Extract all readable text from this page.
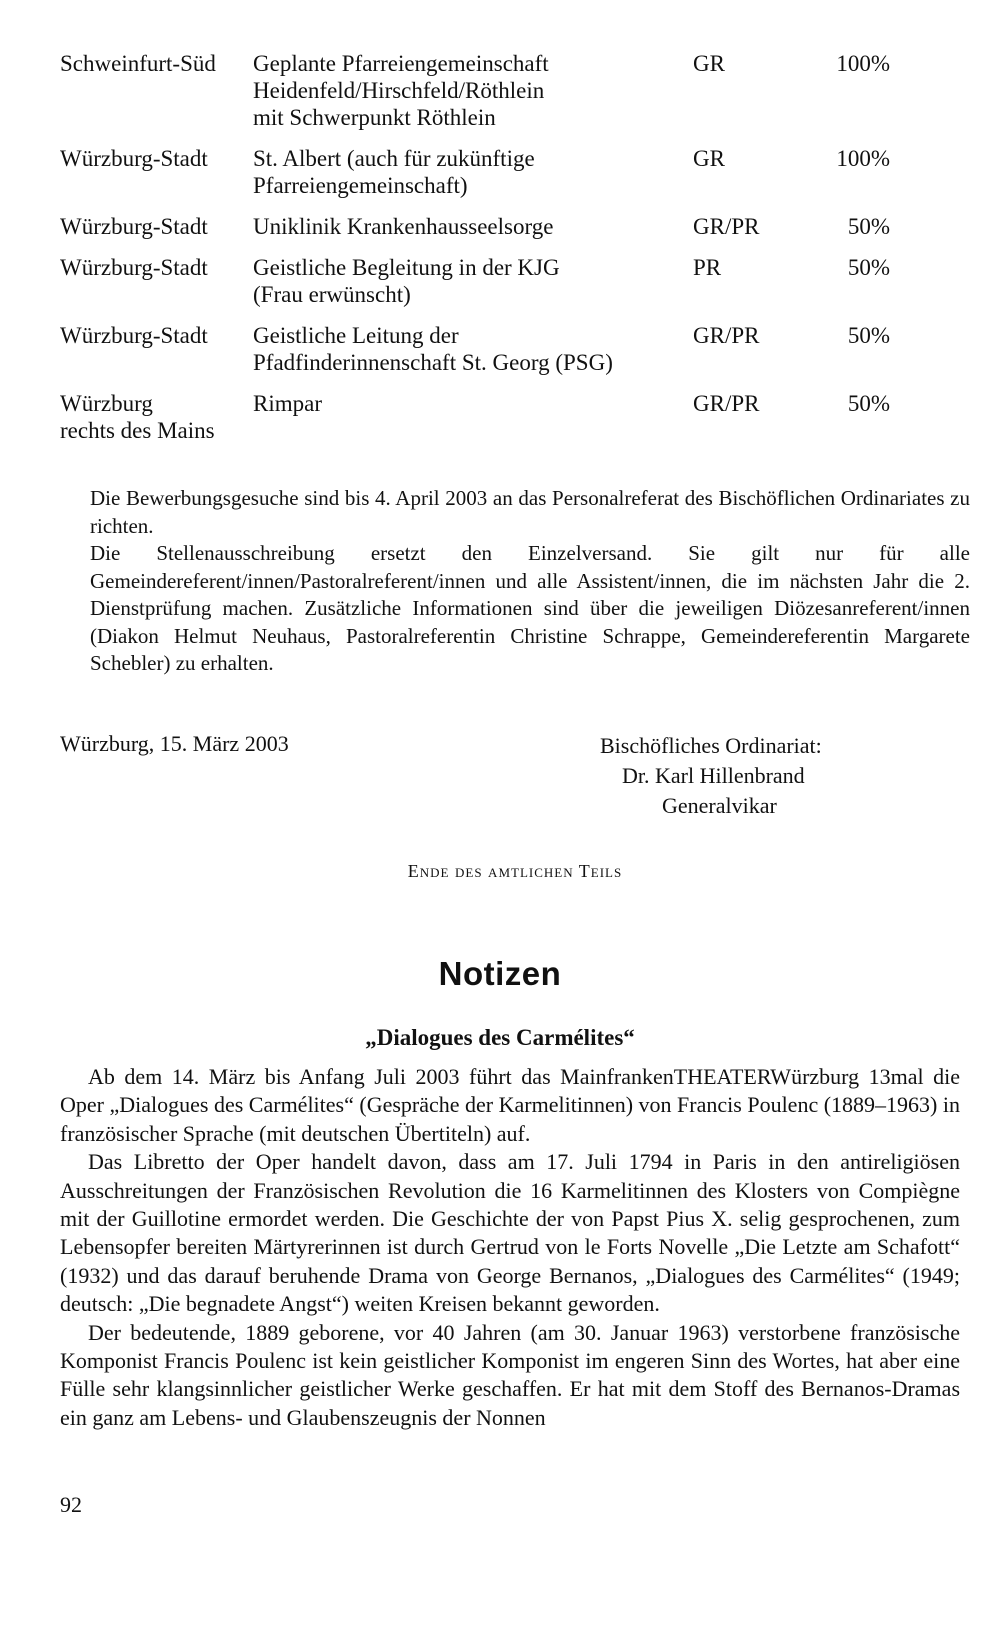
Schweinfurt-Süd	Geplante Pfarreiengemeinschaft
Heidenfeld/Hirschfeld/Röthlein
mit Schwerpunkt Röthlein	GR	100%
Würzburg-Stadt	St. Albert (auch für zukünftige
Pfarreiengemeinschaft)	GR	100%
Würzburg-Stadt	Uniklinik Krankenhausseelsorge	GR/PR	50%
Würzburg-Stadt	Geistliche Begleitung in der KJG
(Frau erwünscht)	PR	50%
Würzburg-Stadt	Geistliche Leitung der
Pfadfinderinnenschaft St. Georg (PSG)	GR/PR	50%

Würzburg
rechts des Mains	Rimpar	GR/PR	50%

Die Bewerbungsgesuche sind bis 4. April 2003 an das Personalreferat des Bischöflichen Ordinariates zu richten.

Die Stellenausschreibung ersetzt den Einzelversand. Sie gilt nur für alle Gemeindereferent/innen/Pastoralreferent/innen und alle Assistent/innen, die im nächsten Jahr die 2. Dienstprüfung machen. Zusätzliche Informationen sind über die jeweiligen Diözesanreferent/innen (Diakon Helmut Neuhaus, Pastoralreferentin Christine Schrappe, Gemeindereferentin Margarete Schebler) zu erhalten.

Würzburg, 15. März 2003	Bischöfliches Ordinariat:
Dr. Karl Hillenbrand
Generalvikar
Ende des amtlichen Teils
Notizen
„Dialogues des Carmélites“

Ab dem 14. März bis Anfang Juli 2003 führt das MainfrankenTHEATERWürzburg 13mal die Oper „Dialogues des Carmélites“ (Gespräche der Karmelitinnen) von Francis Poulenc (1889–1963) in französischer Sprache (mit deutschen Übertiteln) auf.

Das Libretto der Oper handelt davon, dass am 17. Juli 1794 in Paris in den antireligiösen Ausschreitungen der Französischen Revolution die 16 Karmelitinnen des Klosters von Compiègne mit der Guillotine ermordet werden. Die Geschichte der von Papst Pius X. selig gesprochenen, zum Lebensopfer bereiten Märtyrerinnen ist durch Gertrud von le Forts Novelle „Die Letzte am Schafott“ (1932) und das darauf beruhende Drama von George Bernanos, „Dialogues des Carmélites“ (1949; deutsch: „Die begnadete Angst“) weiten Kreisen bekannt geworden.

Der bedeutende, 1889 geborene, vor 40 Jahren (am 30. Januar 1963) verstorbene französische Komponist Francis Poulenc ist kein geistlicher Komponist im engeren Sinn des Wortes, hat aber eine Fülle sehr klangsinnlicher geistlicher Werke geschaffen. Er hat mit dem Stoff des Bernanos-Dramas ein ganz am Lebens- und Glaubenszeugnis der Nonnen

92
